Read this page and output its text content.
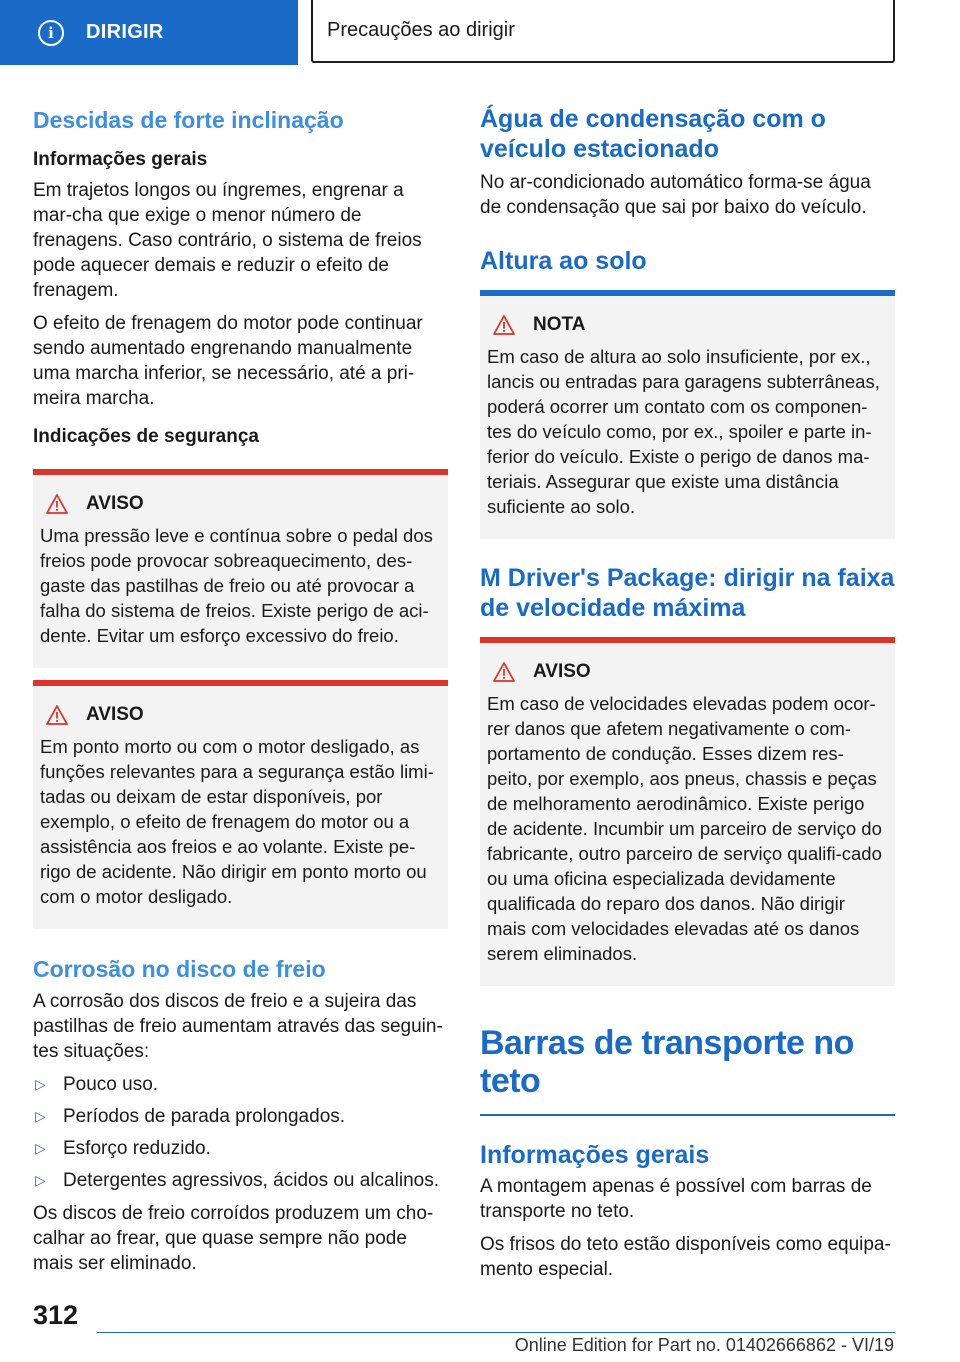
i	DIRIGIR	Precauções ao dirigir
Descidas de forte inclinação
Informações gerais

Em trajetos longos ou íngremes, engrenar a mar‐cha que exige o menor número de frenagens. Caso contrário, o sistema de freios pode aquecer demais e reduzir o efeito de frenagem.

O efeito de frenagem do motor pode continuar sendo aumentado engrenando manualmente uma marcha inferior, se necessário, até a pri‐meira marcha.

Indicações de segurança
AVISO

Uma pressão leve e contínua sobre o pedal dos freios pode provocar sobreaquecimento, des‐gaste das pastilhas de freio ou até provocar a falha do sistema de freios. Existe perigo de aci‐dente. Evitar um esforço excessivo do freio.

AVISO

Em ponto morto ou com o motor desligado, as funções relevantes para a segurança estão limi‐tadas ou deixam de estar disponíveis, por exemplo, o efeito de frenagem do motor ou a assistência aos freios e ao volante. Existe pe‐rigo de acidente. Não dirigir em ponto morto ou com o motor desligado.

Corrosão no disco de freio

A corrosão dos discos de freio e a sujeira das pastilhas de freio aumentam através das seguin‐tes situações:

▷ Pouco uso.
▷ Períodos de parada prolongados.
▷ Esforço reduzido.
▷ Detergentes agressivos, ácidos ou alcalinos.

Os discos de freio corroídos produzem um cho‐calhar ao frear, que quase sempre não pode mais ser eliminado.

Água de condensação com o veículo estacionado

No ar-condicionado automático forma-se água de condensação que sai por baixo do veículo.

Altura ao solo
NOTA

Em caso de altura ao solo insuficiente, por ex., lancis ou entradas para garagens subterrâneas, poderá ocorrer um contato com os componen‐tes do veículo como, por ex., spoiler e parte in‐ferior do veículo. Existe o perigo de danos ma‐teriais. Assegurar que existe uma distância suficiente ao solo.

M Driver's Package: dirigir na faixa de velocidade máxima
AVISO

Em caso de velocidades elevadas podem ocor‐rer danos que afetem negativamente o com‐portamento de condução. Esses dizem res‐peito, por exemplo, aos pneus, chassis e peças de melhoramento aerodinâmico. Existe perigo de acidente. Incumbir um parceiro de serviço do fabricante, outro parceiro de serviço qualifi‐cado ou uma oficina especializada devidamente qualificada do reparo dos danos. Não dirigir mais com velocidades elevadas até os danos serem eliminados.

Barras de transporte no teto
Informações gerais

A montagem apenas é possível com barras de transporte no teto.

Os frisos do teto estão disponíveis como equipa‐mento especial.

312
Online Edition for Part no. 01402666862 - VI/19
